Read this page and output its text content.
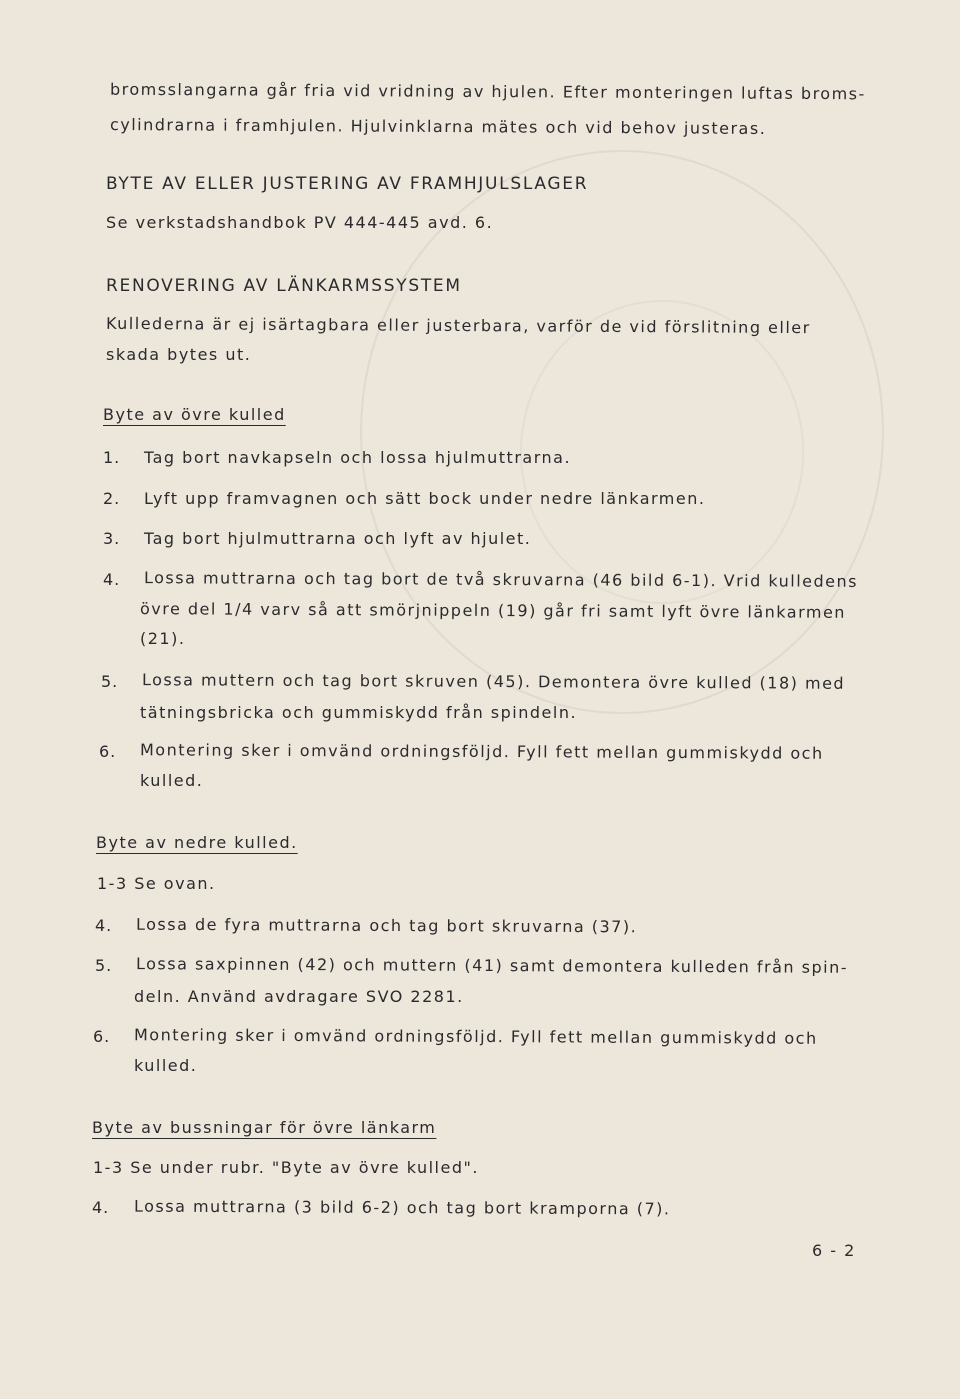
bromsslangarna går fria vid vridning av hjulen. Efter monteringen luftas broms-

cylindrarna i framhjulen. Hjulvinklarna mätes och vid behov justeras.

BYTE AV ELLER JUSTERING AV FRAMHJULSLAGER

Se verkstadshandbok PV 444-445 avd. 6.

RENOVERING AV LÄNKARMSSYSTEM

Kullederna är ej isärtagbara eller justerbara, varför de vid förslitning eller

skada bytes ut.

Byte av övre kulled

1. Tag bort navkapseln och lossa hjulmuttrarna.

2. Lyft upp framvagnen och sätt bock under nedre länkarmen.

3. Tag bort hjulmuttrarna och lyft av hjulet.

4. Lossa muttrarna och tag bort de två skruvarna (46 bild 6-1). Vrid kulledens

övre del 1/4 varv så att smörjnippeln (19) går fri samt lyft övre länkarmen

(21).

5. Lossa muttern och tag bort skruven (45). Demontera övre kulled (18) med

tätningsbricka och gummiskydd från spindeln.

6. Montering sker i omvänd ordningsföljd. Fyll fett mellan gummiskydd och

kulled.

Byte av nedre kulled.

1-3 Se ovan.

4. Lossa de fyra muttrarna och tag bort skruvarna (37).

5. Lossa saxpinnen (42) och muttern (41) samt demontera kulleden från spin-

deln. Använd avdragare SVO 2281.

6. Montering sker i omvänd ordningsföljd. Fyll fett mellan gummiskydd och

kulled.

Byte av bussningar för övre länkarm

1-3 Se under rubr. "Byte av övre kulled".

4. Lossa muttrarna (3 bild 6-2) och tag bort kramporna (7).

6 - 2
